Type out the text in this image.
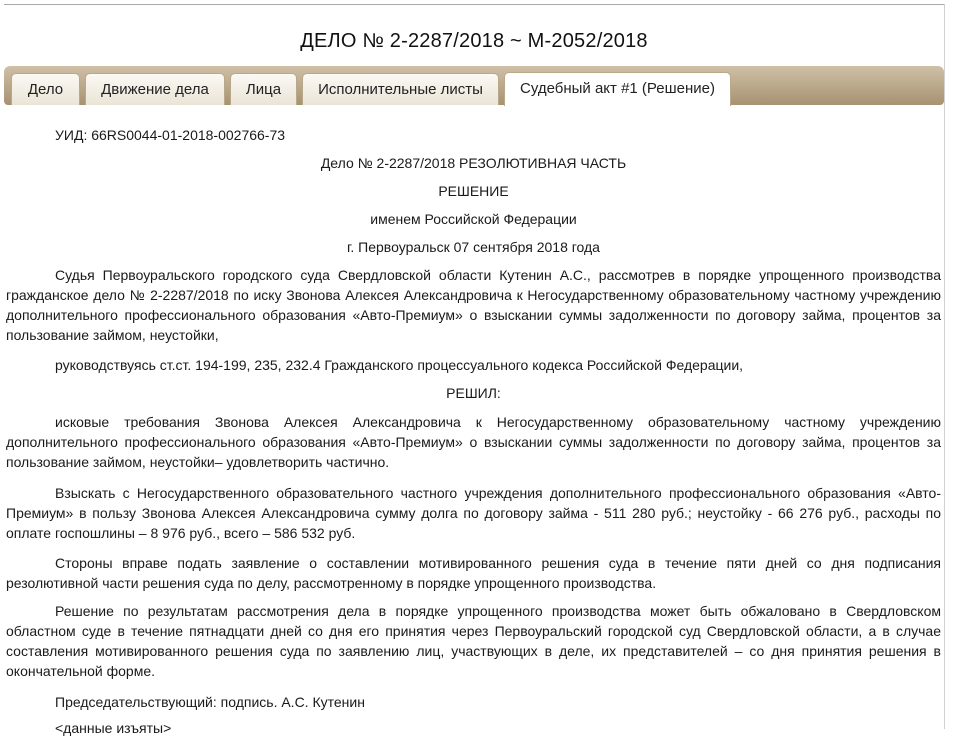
ДЕЛО № 2-2287/2018 ~ М-2052/2018
Дело	Движение дела	Лица	Исполнительные листы	Судебный акт #1 (Решение)
УИД: 66RS0044-01-2018-002766-73
Дело № 2-2287/2018 РЕЗОЛЮТИВНАЯ ЧАСТЬ
РЕШЕНИЕ
именем Российской Федерации
г. Первоуральск 07 сентября 2018 года
Судья Первоуральского городского суда Свердловской области Кутенин А.С., рассмотрев в порядке упрощенного производства гражданское дело № 2-2287/2018 по иску Звонова Алексея Александровича к Негосударственному образовательному частному учреждению дополнительного профессионального образования «Авто-Премиум» о взыскании суммы задолженности по договору займа, процентов за пользование займом, неустойки,
руководствуясь ст.ст. 194-199, 235, 232.4 Гражданского процессуального кодекса Российской Федерации,
РЕШИЛ:
исковые требования Звонова Алексея Александровича к Негосударственному образовательному частному учреждению дополнительного профессионального образования «Авто-Премиум» о взыскании суммы задолженности по договору займа, процентов за пользование займом, неустойки– удовлетворить частично.
Взыскать с Негосударственного образовательного частного учреждения дополнительного профессионального образования «Авто-Премиум» в пользу Звонова Алексея Александровича сумму долга по договору займа - 511 280 руб.; неустойку - 66 276 руб., расходы по оплате госпошлины – 8 976 руб., всего – 586 532 руб.
Стороны вправе подать заявление о составлении мотивированного решения суда в течение пяти дней со дня подписания резолютивной части решения суда по делу, рассмотренному в порядке упрощенного производства.
Решение по результатам рассмотрения дела в порядке упрощенного производства может быть обжаловано в Свердловском областном суде в течение пятнадцати дней со дня его принятия через Первоуральский городской суд Свердловской области, а в случае составления мотивированного решения суда по заявлению лиц, участвующих в деле, их представителей – со дня принятия решения в окончательной форме.
Председательствующий: подпись. А.С. Кутенин
<данные изъяты>
